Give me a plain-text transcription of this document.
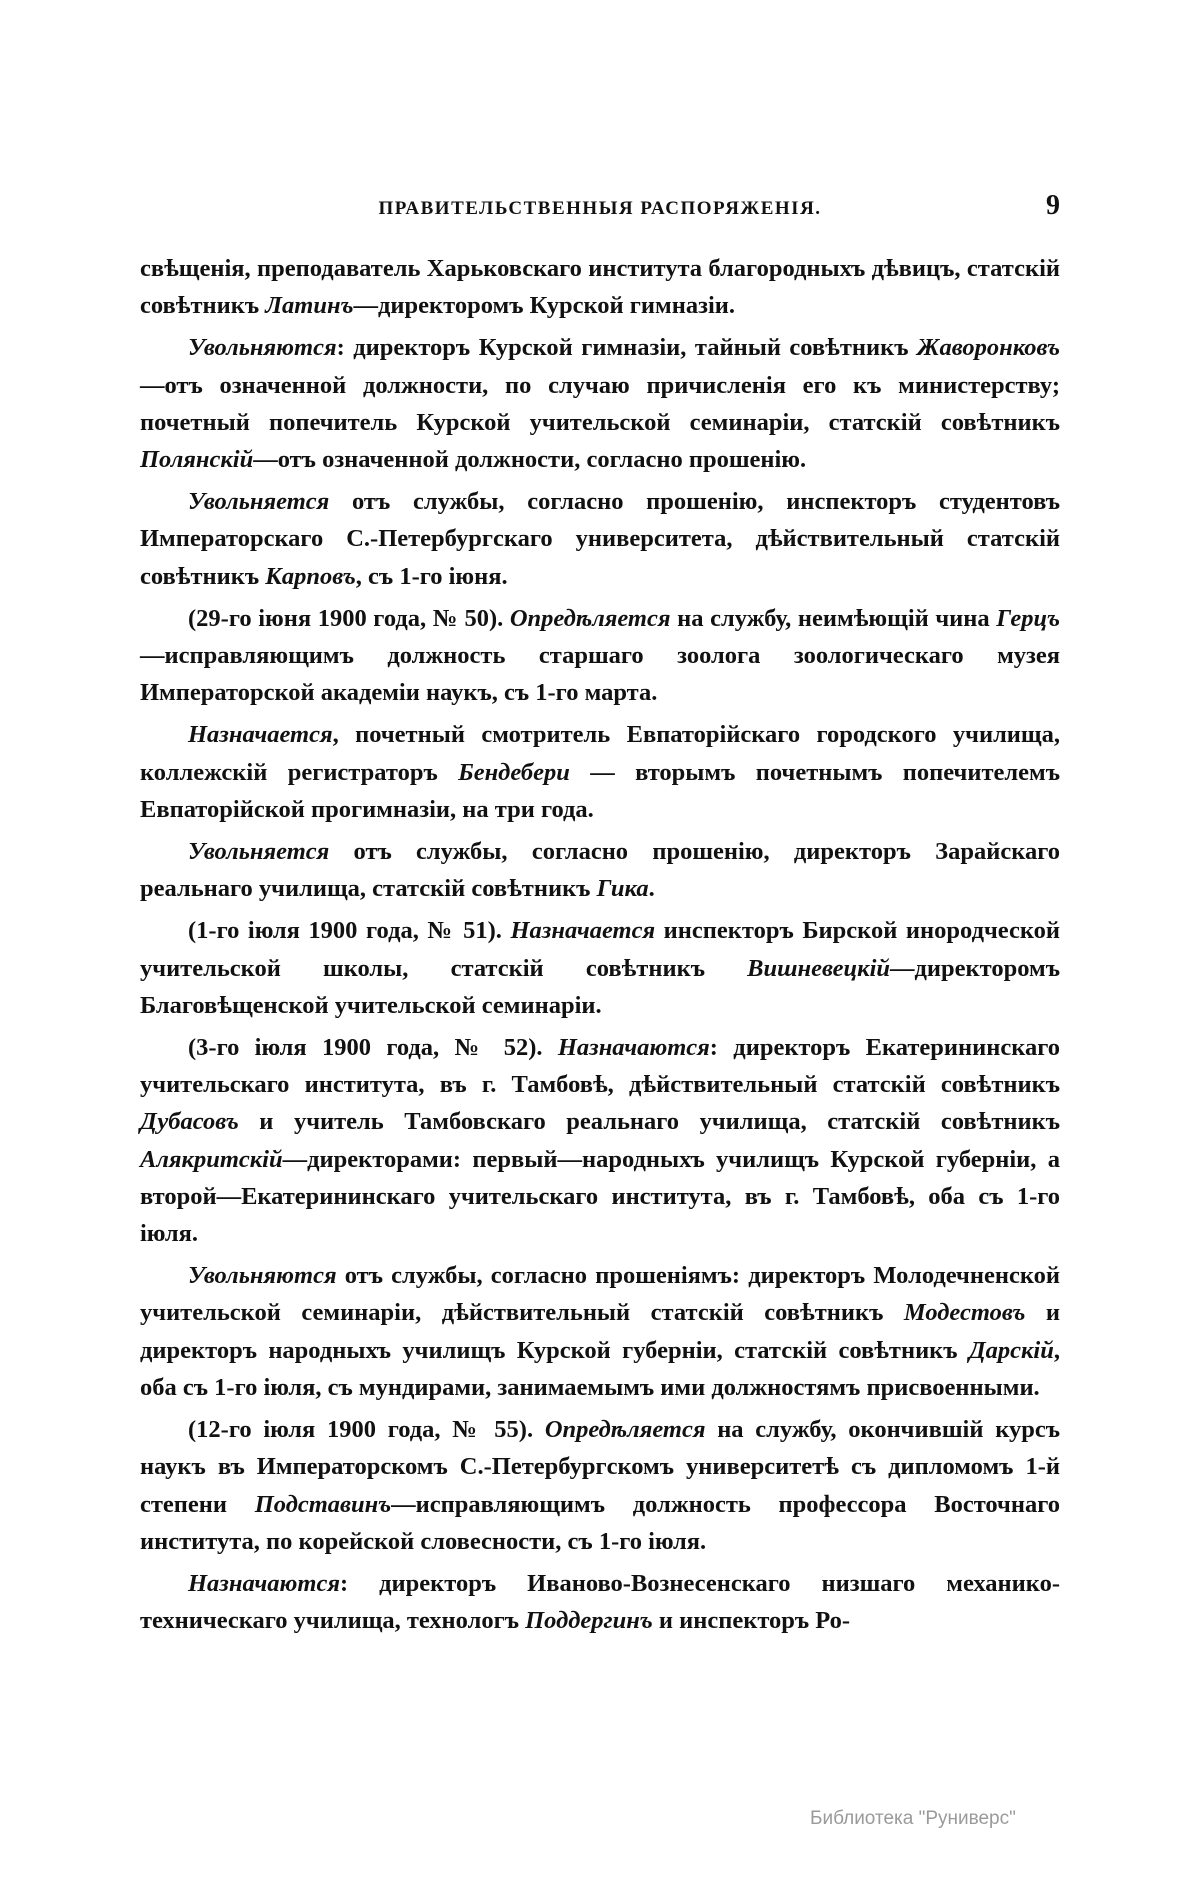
ПРАВИТЕЛЬСТВЕННЫЯ РАСПОРЯЖЕНІЯ.	9

свѣщенія, преподаватель Харьковскаго института благородныхъ дѣвицъ, статскій совѣтникъ Латинъ—директоромъ Курской гимназіи.

Увольняются: директоръ Курской гимназіи, тайный совѣтникъ Жаворонковъ—отъ означенной должности, по случаю причисленія его къ министерству; почетный попечитель Курской учительской семинаріи, статскій совѣтникъ Полянскій—отъ означенной должности, согласно прошенію.

Увольняется отъ службы, согласно прошенію, инспекторъ студентовъ Императорскаго С.-Петербургскаго университета, дѣйствительный статскій совѣтникъ Карповъ, съ 1-го іюня.

(29-го іюня 1900 года, № 50). Опредѣляется на службу, неимѣющій чина Герцъ—исправляющимъ должность старшаго зоолога зоологическаго музея Императорской академіи наукъ, съ 1-го марта.

Назначается, почетный смотритель Евпаторійскаго городского училища, коллежскій регистраторъ Бендебери — вторымъ почетнымъ попечителемъ Евпаторійской прогимназіи, на три года.

Увольняется отъ службы, согласно прошенію, директоръ Зарайскаго реальнаго училища, статскій совѣтникъ Гика.

(1-го іюля 1900 года, № 51). Назначается инспекторъ Бирской инородческой учительской школы, статскій совѣтникъ Вишневецкій—директоромъ Благовѣщенской учительской семинаріи.

(3-го іюля 1900 года, № 52). Назначаются: директоръ Екатерининскаго учительскаго института, въ г. Тамбовѣ, дѣйствительный статскій совѣтникъ Дубасовъ и учитель Тамбовскаго реальнаго училища, статскій совѣтникъ Алякритскій—директорами: первый—народныхъ училищъ Курской губерніи, а второй—Екатерининскаго учительскаго института, въ г. Тамбовѣ, оба съ 1-го іюля.

Увольняются отъ службы, согласно прошеніямъ: директоръ Молодечненской учительской семинаріи, дѣйствительный статскій совѣтникъ Модестовъ и директоръ народныхъ училищъ Курской губерніи, статскій совѣтникъ Дарскій, оба съ 1-го іюля, съ мундирами, занимаемымъ ими должностямъ присвоенными.

(12-го іюля 1900 года, № 55). Опредѣляется на службу, окончившій курсъ наукъ въ Императорскомъ С.-Петербургскомъ университетѣ съ дипломомъ 1-й степени Подставинъ—исправляющимъ должность профессора Восточнаго института, по корейской словесности, съ 1-го іюля.

Назначаются: директоръ Иваново-Вознесенскаго низшаго механико-техническаго училища, технологъ Поддергинъ и инспекторъ Ро-

Библиотека "Руниверс"
